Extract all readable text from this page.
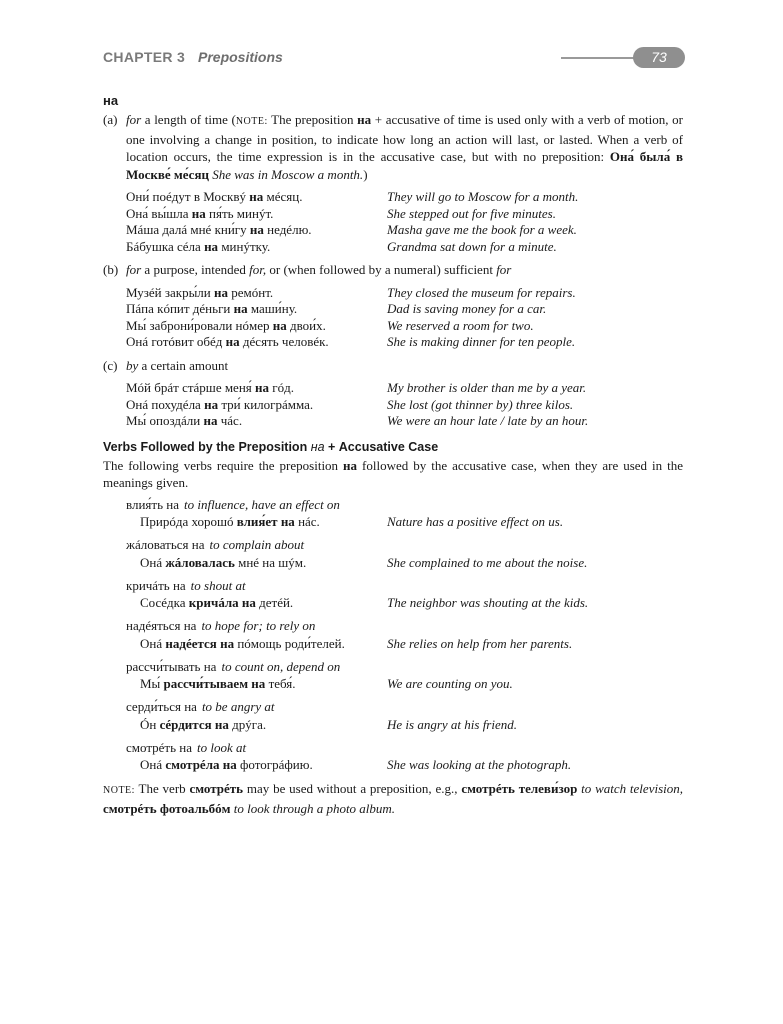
CHAPTER 3 Prepositions	73
на
(a) for a length of time (NOTE: The preposition на + accusative of time is used only with a verb of motion, or one involving a change in position, to indicate how long an action will last, or lasted. When a verb of location occurs, the time expression is in the accusative case, but with no preposition: Она́ была́ в Москве́ ме́сяц She was in Moscow a month.)
Они́ поéдут в Москвý на мéсяц.	They will go to Moscow for a month.
Она́ вы́шла на пя́ть минýт.	She stepped out for five minutes.
Мáша далá мнé кни́гу на недéлю.	Masha gave me the book for a week.
Бáбушка сéла на минýтку.	Grandma sat down for a minute.
(b) for a purpose, intended for, or (when followed by a numeral) sufficient for
Музéй закры́ли на ремóнт.	They closed the museum for repairs.
Пáпа кóпит дéньги на маши́ну.	Dad is saving money for a car.
Мы́ заброни́ровали нóмер на двои́х.	We reserved a room for two.
Онá готóвит обéд на дéсять человéк.	She is making dinner for ten people.
(c) by a certain amount
Мóй брáт стáрше меня́ на гóд.	My brother is older than me by a year.
Онá похудéла на три́ килогрáмма.	She lost (got thinner by) three kilos.
Мы́ опоздáли на чáс.	We were an hour late / late by an hour.
Verbs Followed by the Preposition на + Accusative Case
The following verbs require the preposition на followed by the accusative case, when they are used in the meanings given.
влия́ть на to influence, have an effect on
Прирóда хорошó влия́ет на нáс.	Nature has a positive effect on us.
жáловаться на to complain about
Онá жáловалась мнé на шýм.	She complained to me about the noise.
кричáть на to shout at
Сосéдка кричáла на детéй.	The neighbor was shouting at the kids.
надéяться на to hope for; to rely on
Онá надéется на пóмощь роди́телей.	She relies on help from her parents.
рассчи́тывать на to count on, depend on
Мы́ рассчи́тываем на тебя́.	We are counting on you.
серди́ться на to be angry at
Óн сéрдится на дрýга.	He is angry at his friend.
смотрéть на to look at
Онá смотрéла на фотогрáфию.	She was looking at the photograph.
NOTE: The verb смотрéть may be used without a preposition, e.g., смотрéть телеви́зор to watch television, смотрéть фотоальбóм to look through a photo album.
